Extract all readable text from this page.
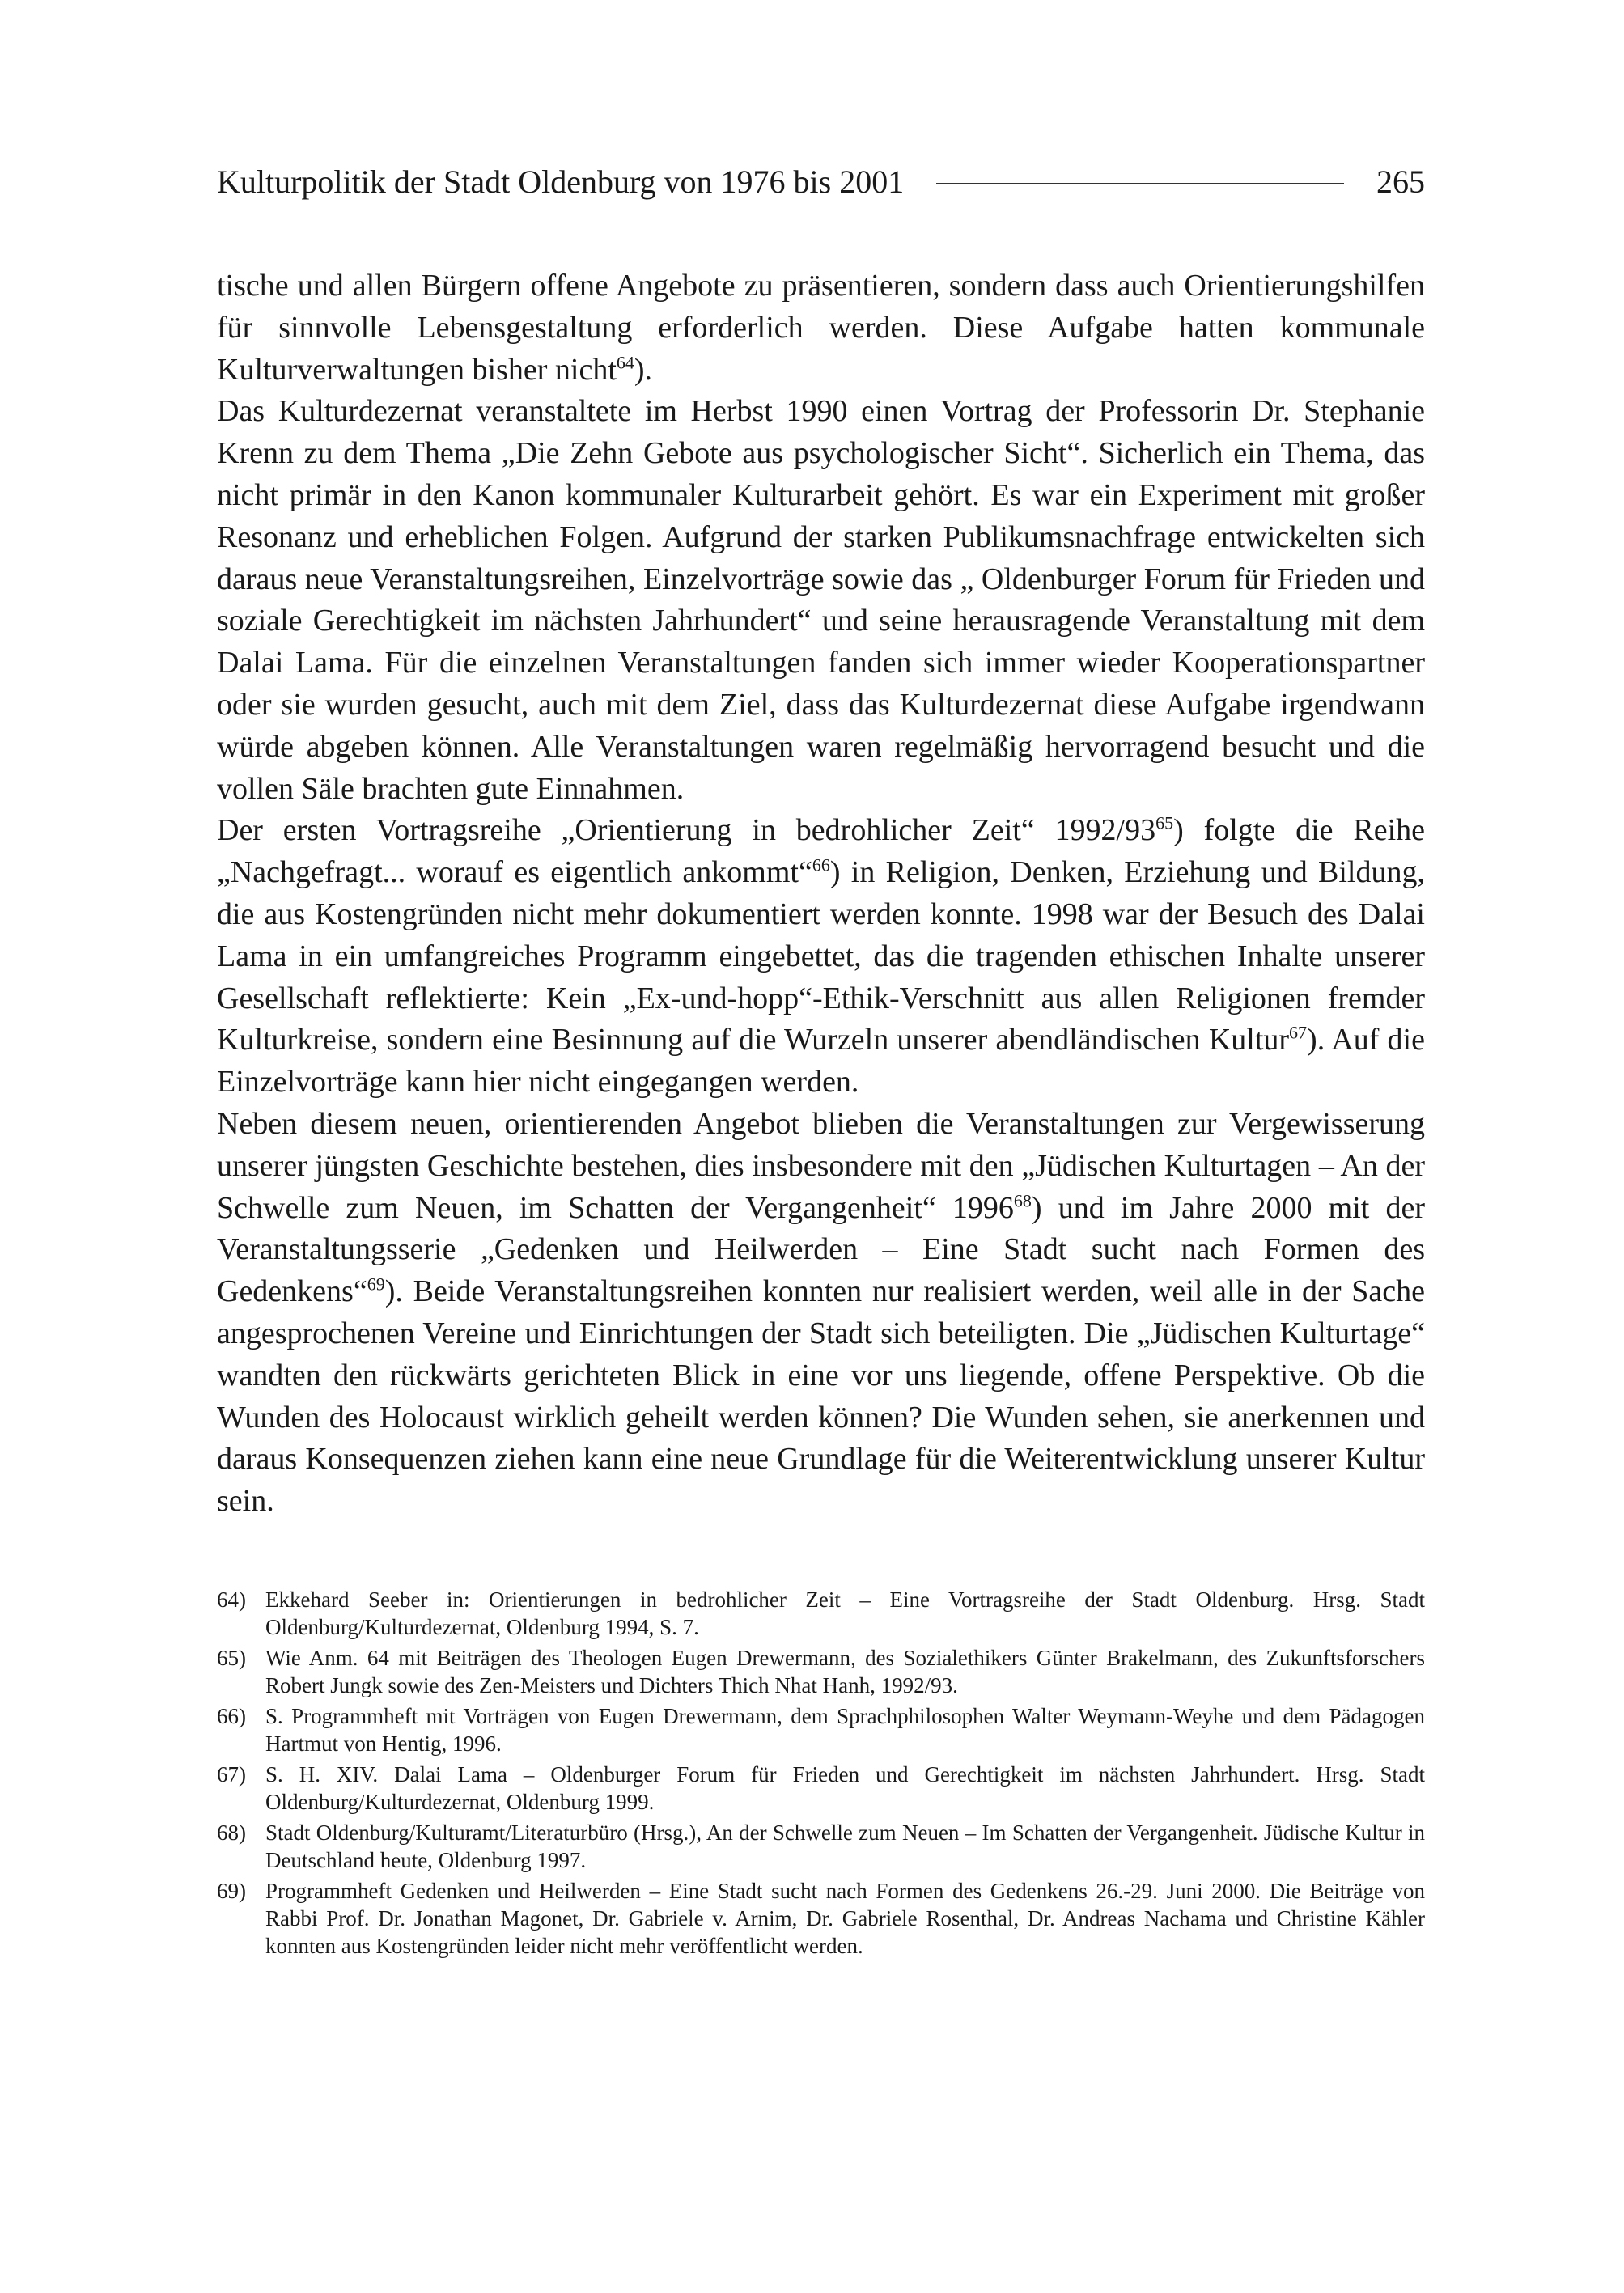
Kulturpolitik der Stadt Oldenburg von 1976 bis 2001	265

tische und allen Bürgern offene Angebote zu präsentieren, sondern dass auch Orientierungshilfen für sinnvolle Lebensgestaltung erforderlich werden. Diese Aufgabe hatten kommunale Kulturverwaltungen bisher nicht$^{64}$).

Das Kulturdezernat veranstaltete im Herbst 1990 einen Vortrag der Professorin Dr. Stephanie Krenn zu dem Thema „Die Zehn Gebote aus psychologischer Sicht“. Sicherlich ein Thema, das nicht primär in den Kanon kommunaler Kulturarbeit gehört. Es war ein Experiment mit großer Resonanz und erheblichen Folgen. Aufgrund der starken Publikumsnachfrage entwickelten sich daraus neue Veranstaltungsreihen, Einzelvorträge sowie das „ Oldenburger Forum für Frieden und soziale Gerechtigkeit im nächsten Jahrhundert“ und seine herausragende Veranstaltung mit dem Dalai Lama. Für die einzelnen Veranstaltungen fanden sich immer wieder Kooperationspartner oder sie wurden gesucht, auch mit dem Ziel, dass das Kulturdezernat diese Aufgabe irgendwann würde abgeben können. Alle Veranstaltungen waren regelmäßig hervorragend besucht und die vollen Säle brachten gute Einnahmen.

Der ersten Vortragsreihe „Orientierung in bedrohlicher Zeit“ $1992/93^{65}$) folgte die Reihe „Nachgefragt... worauf es eigentlich ankommt“$^{66}$) in Religion, Denken, Erziehung und Bildung, die aus Kostengründen nicht mehr dokumentiert werden konnte. 1998 war der Besuch des Dalai Lama in ein umfangreiches Programm eingebettet, das die tragenden ethischen Inhalte unserer Gesellschaft reflektierte: Kein „Ex-und-hopp“-Ethik-Verschnitt aus allen Religionen fremder Kulturkreise, sondern eine Besinnung auf die Wurzeln unserer abendländischen Kultur$^{67}$). Auf die Einzelvorträge kann hier nicht eingegangen werden.

Neben diesem neuen, orientierenden Angebot blieben die Veranstaltungen zur Vergewisserung unserer jüngsten Geschichte bestehen, dies insbesondere mit den „Jüdischen Kulturtagen – An der Schwelle zum Neuen, im Schatten der Vergangenheit“ 1996$^{68}$) und im Jahre 2000 mit der Veranstaltungsserie „Gedenken und Heilwerden – Eine Stadt sucht nach Formen des Gedenkens“$^{69}$). Beide Veranstaltungsreihen konnten nur realisiert werden, weil alle in der Sache angesprochenen Vereine und Einrichtungen der Stadt sich beteiligten. Die „Jüdischen Kulturtage“ wandten den rückwärts gerichteten Blick in eine vor uns liegende, offene Perspektive. Ob die Wunden des Holocaust wirklich geheilt werden können? Die Wunden sehen, sie anerkennen und daraus Konsequenzen ziehen kann eine neue Grundlage für die Weiterentwicklung unserer Kultur sein.

64) Ekkehard Seeber in: Orientierungen in bedrohlicher Zeit – Eine Vortragsreihe der Stadt Oldenburg. Hrsg. Stadt Oldenburg/Kulturdezernat, Oldenburg 1994, S. 7.
65) Wie Anm. 64 mit Beiträgen des Theologen Eugen Drewermann, des Sozialethikers Günter Brakelmann, des Zukunftsforschers Robert Jungk sowie des Zen-Meisters und Dichters Thich Nhat Hanh, 1992/93.
66) S. Programmheft mit Vorträgen von Eugen Drewermann, dem Sprachphilosophen Walter Weymann-Weyhe und dem Pädagogen Hartmut von Hentig, 1996.
67) S. H. XIV. Dalai Lama – Oldenburger Forum für Frieden und Gerechtigkeit im nächsten Jahrhundert. Hrsg. Stadt Oldenburg/Kulturdezernat, Oldenburg 1999.
68) Stadt Oldenburg/Kulturamt/Literaturbüro (Hrsg.), An der Schwelle zum Neuen – Im Schatten der Vergangenheit. Jüdische Kultur in Deutschland heute, Oldenburg 1997.
69) Programmheft Gedenken und Heilwerden – Eine Stadt sucht nach Formen des Gedenkens 26.-29. Juni 2000. Die Beiträge von Rabbi Prof. Dr. Jonathan Magonet, Dr. Gabriele v. Arnim, Dr. Gabriele Rosenthal, Dr. Andreas Nachama und Christine Kähler konnten aus Kostengründen leider nicht mehr veröffentlicht werden.
